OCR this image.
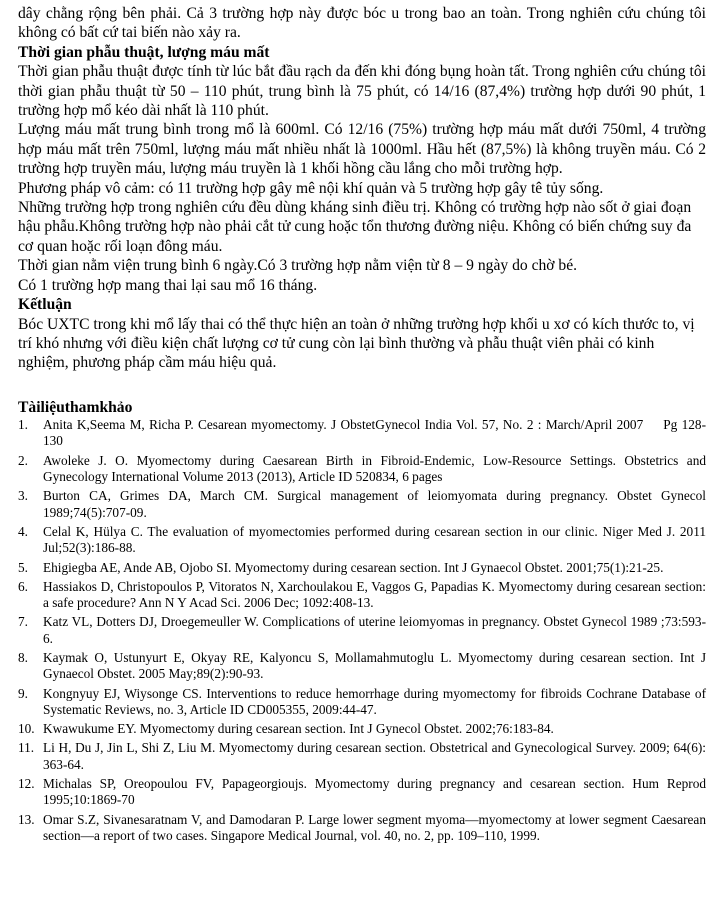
dây chằng rộng bên phải. Cả 3 trường hợp này được bóc u trong bao an toàn. Trong nghiên cứu chúng tôi không có bất cứ tai biến nào xảy ra.

Thời gian phẫu thuật, lượng máu mất

Thời gian phẫu thuật được tính từ lúc bắt đầu rạch da đến khi đóng bụng hoàn tất. Trong nghiên cứu chúng tôi thời gian phẫu thuật từ 50 – 110 phút, trung bình là 75 phút, có 14/16 (87,4%) trường hợp dưới 90 phút, 1 trường hợp mổ kéo dài nhất là 110 phút.

Lượng máu mất trung bình trong mổ là 600ml. Có 12/16 (75%) trường hợp máu mất dưới 750ml, 4 trường hợp máu mất trên 750ml, lượng máu mất nhiều nhất là 1000ml. Hầu hết (87,5%) là không truyền máu. Có 2 trường hợp truyền máu, lượng máu truyền là 1 khối hồng cầu lắng cho mỗi trường hợp.

Phương pháp vô cảm: có 11 trường hợp gây mê nội khí quản và 5 trường hợp gây tê tủy sống.

Những trường hợp trong nghiên cứu đều dùng kháng sinh điều trị. Không có trường hợp nào sốt ở giai đoạn hậu phẫu.Không trường hợp nào phải cắt tử cung hoặc tổn thương đường niệu. Không có biến chứng suy đa cơ quan hoặc rối loạn đông máu.

Thời gian nằm viện trung bình 6 ngày.Có 3 trường hợp nằm viện từ 8 – 9 ngày do chờ bé.

Có 1 trường hợp mang thai lại sau mổ 16 tháng.

Kếtluận

Bóc UXTC trong khi mổ lấy thai có thể thực hiện an toàn ở những trường hợp khối u xơ có kích thước to, vị trí khó nhưng với điều kiện chất lượng cơ tử cung còn lại bình thường và phẫu thuật viên phải có kinh nghiệm, phương pháp cầm máu hiệu quả.

Tàiliệuthamkhảo
1.	Anita K,Seema M, Richa P. Cesarean myomectomy. J ObstetGynecol India Vol. 57, No. 2 : March/April 2007 Pg 128-130
2.	Awoleke J. O. Myomectomy during Caesarean Birth in Fibroid-Endemic, Low-Resource Settings. Obstetrics and Gynecology International Volume 2013 (2013), Article ID 520834, 6 pages
3.	Burton CA, Grimes DA, March CM. Surgical management of leiomyomata during pregnancy. Obstet Gynecol 1989;74(5):707-09.
4.	Celal K, Hülya C. The evaluation of myomectomies performed during cesarean section in our clinic. Niger Med J. 2011 Jul;52(3):186-88.
5.	Ehigiegba AE, Ande AB, Ojobo SI. Myomectomy during cesarean section. Int J Gynaecol Obstet. 2001;75(1):21-25.
6.	Hassiakos D, Christopoulos P, Vitoratos N, Xarchoulakou E, Vaggos G, Papadias K. Myomectomy during cesarean section: a safe procedure? Ann N Y Acad Sci. 2006 Dec; 1092:408-13.
7.	Katz VL, Dotters DJ, Droegemeuller W. Complications of uterine leiomyomas in pregnancy. Obstet Gynecol 1989 ;73:593-6.
8.	Kaymak O, Ustunyurt E, Okyay RE, Kalyoncu S, Mollamahmutoglu L. Myomectomy during cesarean section. Int J Gynaecol Obstet. 2005 May;89(2):90-93.
9.	Kongnyuy EJ, Wiysonge CS. Interventions to reduce hemorrhage during myomectomy for fibroids Cochrane Database of Systematic Reviews, no. 3, Article ID CD005355, 2009:44-47.
10. Kwawukume EY. Myomectomy during cesarean section. Int J Gynecol Obstet. 2002;76:183-84.
11. Li H, Du J, Jin L, Shi Z, Liu M. Myomectomy during cesarean section. Obstetrical and Gynecological Survey. 2009; 64(6): 363-64.
12. Michalas SP, Oreopoulou FV, Papageorgioujs. Myomectomy during pregnancy and cesarean section. Hum Reprod 1995;10:1869-70
13. Omar S.Z, Sivanesaratnam V, and Damodaran P. Large lower segment myoma—myomectomy at lower segment Caesarean section—a report of two cases. Singapore Medical Journal, vol. 40, no. 2, pp. 109–110, 1999.
